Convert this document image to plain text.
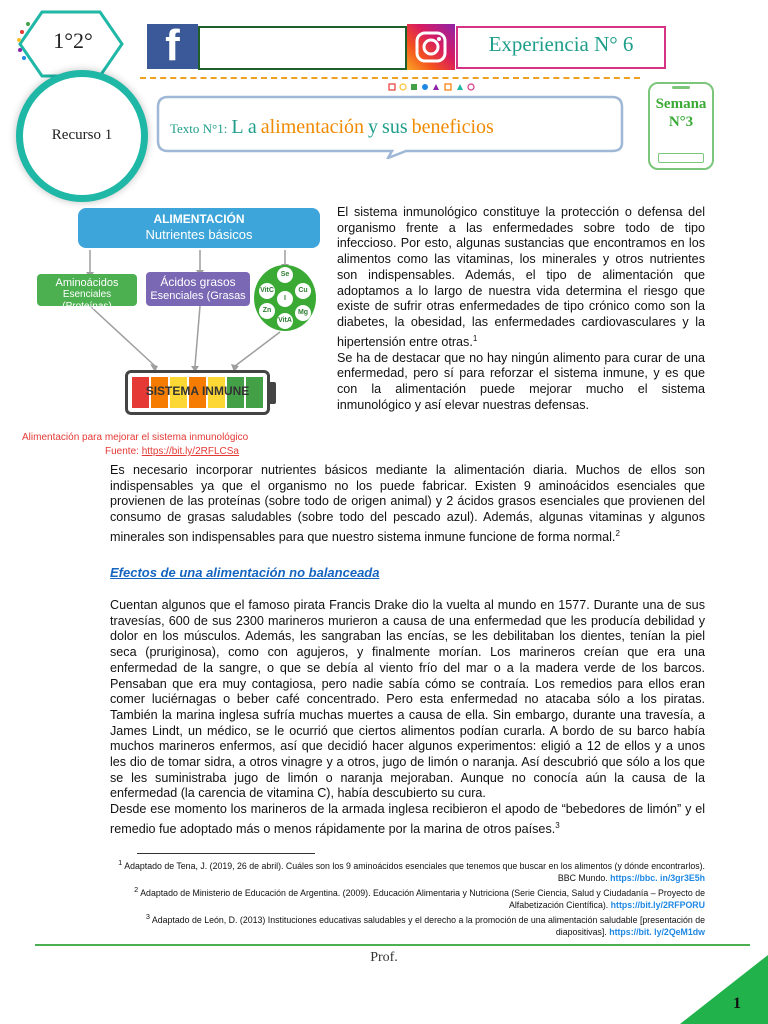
1°2°	f	Experiencia N° 6
Recurso 1	Texto N°1: L a alimentación y sus beneficios
Semana
N°3
ALIMENTACIÓN
Nutrientes básicos
Aminoácidos
Esenciales (Proteínas)
Ácidos grasos
Esenciales (Grasas
Se
VitC	Cu
I
Zn	Mg
VitA
SISTEMA INMUNE
Alimentación para mejorar el sistema inmunológico
Fuente: https://bit.ly/2RFLCSa
El sistema inmunológico constituye la protección o defensa del organismo frente a las enfermedades sobre todo de tipo infeccioso. Por esto, algunas sustancias que encontramos en los alimentos como las vitaminas, los minerales y otros nutrientes son indispensables. Además, el tipo de alimentación que adoptamos a lo largo de nuestra vida determina el riesgo que existe de sufrir otras enfermedades de tipo crónico como son la diabetes, la obesidad, las enfermedades cardiovasculares y la hipertensión entre otras.$^1$
Se ha de destacar que no hay ningún alimento para curar de una enfermedad, pero sí para reforzar el sistema inmune, y es que con la alimentación puede mejorar mucho el sistema inmunológico y así elevar nuestras defensas.
Es necesario incorporar nutrientes básicos mediante la alimentación diaria. Muchos de ellos son indispensables ya que el organismo no los puede fabricar. Existen 9 aminoácidos esenciales que provienen de las proteínas (sobre todo de origen animal) y 2 ácidos grasos esenciales que provienen del consumo de grasas saludables (sobre todo del pescado azul). Además, algunas vitaminas y algunos minerales son indispensables para que nuestro sistema inmune funcione de forma normal.$^2$
Efectos de una alimentación no balanceada
Cuentan algunos que el famoso pirata Francis Drake dio la vuelta al mundo en 1577. Durante una de sus travesías, 600 de sus 2300 marineros murieron a causa de una enfermedad que les producía debilidad y dolor en los músculos. Además, les sangraban las encías, se les debilitaban los dientes, tenían la piel seca (pruriginosa), como con agujeros, y finalmente morían. Los marineros creían que era una enfermedad de la sangre, o que se debía al viento frío del mar o a la madera verde de los barcos. Pensaban que era muy contagiosa, pero nadie sabía cómo se contraía. Los remedios para ellos eran comer luciérnagas o beber café concentrado. Pero esta enfermedad no atacaba sólo a los piratas. También la marina inglesa sufría muchas muertes a causa de ella. Sin embargo, durante una travesía, a James Lindt, un médico, se le ocurrió que ciertos alimentos podían curarla. A bordo de su barco había muchos marineros enfermos, así que decidió hacer algunos experimentos: eligió a 12 de ellos y a unos les dio de tomar sidra, a otros vinagre y a otros, jugo de limón o naranja. Así descubrió que sólo a los que se les suministraba jugo de limón o naranja mejoraban. Aunque no conocía aún la causa de la enfermedad (la carencia de vitamina C), había descubierto su cura.
Desde ese momento los marineros de la armada inglesa recibieron el apodo de “bebedores de limón” y el remedio fue adoptado más o menos rápidamente por la marina de otros países.$^3$
$^1$ Adaptado de Tena, J. (2019, 26 de abril). Cuáles son los 9 aminoácidos esenciales que tenemos que buscar en los alimentos (y dónde encontrarlos). BBC Mundo. https://bbc. in/3gr3E5h
$^2$ Adaptado de Ministerio de Educación de Argentina. (2009). Educación Alimentaria y Nutriciona (Serie Ciencia, Salud y Ciudadanía – Proyecto de Alfabetización Científica). https://bit.ly/2RFPORU
$^3$ Adaptado de León, D. (2013) Instituciones educativas saludables y el derecho a la promoción de una alimentación saludable [presentación de diapositivas]. https://bit. ly/2QeM1dw
Prof.
1
